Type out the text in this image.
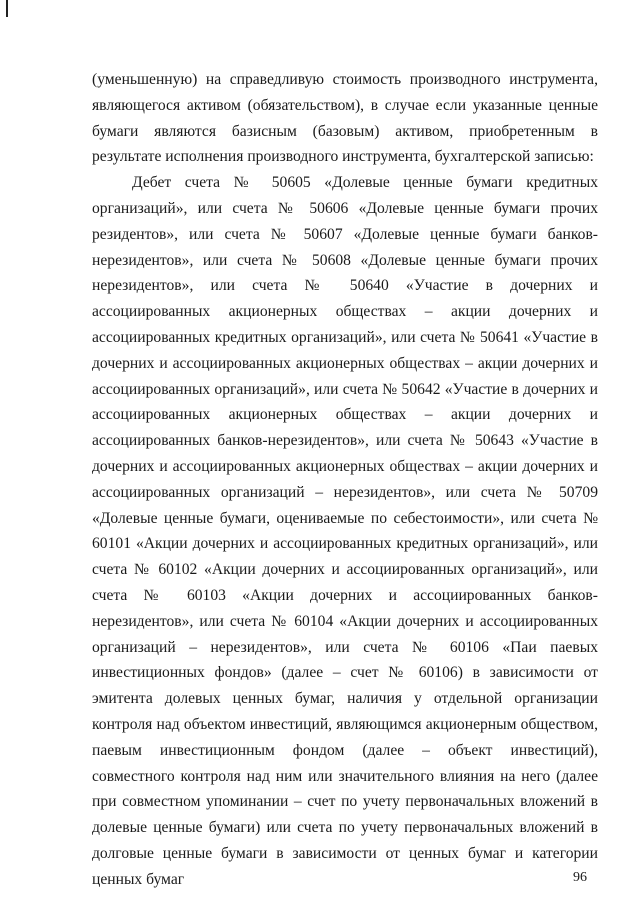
(уменьшенную) на справедливую стоимость производного инструмента, являющегося активом (обязательством), в случае если указанные ценные бумаги являются базисным (базовым) активом, приобретенным в результате исполнения производного инструмента, бухгалтерской записью:

Дебет счета № 50605 «Долевые ценные бумаги кредитных организаций», или счета № 50606 «Долевые ценные бумаги прочих резидентов», или счета № 50607 «Долевые ценные бумаги банков-нерезидентов», или счета № 50608 «Долевые ценные бумаги прочих нерезидентов», или счета № 50640 «Участие в дочерних и ассоциированных акционерных обществах – акции дочерних и ассоциированных кредитных организаций», или счета № 50641 «Участие в дочерних и ассоциированных акционерных обществах – акции дочерних и ассоциированных организаций», или счета № 50642 «Участие в дочерних и ассоциированных акционерных обществах – акции дочерних и ассоциированных банков-нерезидентов», или счета № 50643 «Участие в дочерних и ассоциированных акционерных обществах – акции дочерних и ассоциированных организаций – нерезидентов», или счета № 50709 «Долевые ценные бумаги, оцениваемые по себестоимости», или счета № 60101 «Акции дочерних и ассоциированных кредитных организаций», или счета № 60102 «Акции дочерних и ассоциированных организаций», или счета № 60103 «Акции дочерних и ассоциированных банков-нерезидентов», или счета № 60104 «Акции дочерних и ассоциированных организаций – нерезидентов», или счета № 60106 «Паи паевых инвестиционных фондов» (далее – счет № 60106) в зависимости от эмитента долевых ценных бумаг, наличия у отдельной организации контроля над объектом инвестиций, являющимся акционерным обществом, паевым инвестиционным фондом (далее – объект инвестиций), совместного контроля над ним или значительного влияния на него (далее при совместном упоминании – счет по учету первоначальных вложений в долевые ценные бумаги) или счета по учету первоначальных вложений в долговые ценные бумаги в зависимости от ценных бумаг и категории ценных бумаг	96
